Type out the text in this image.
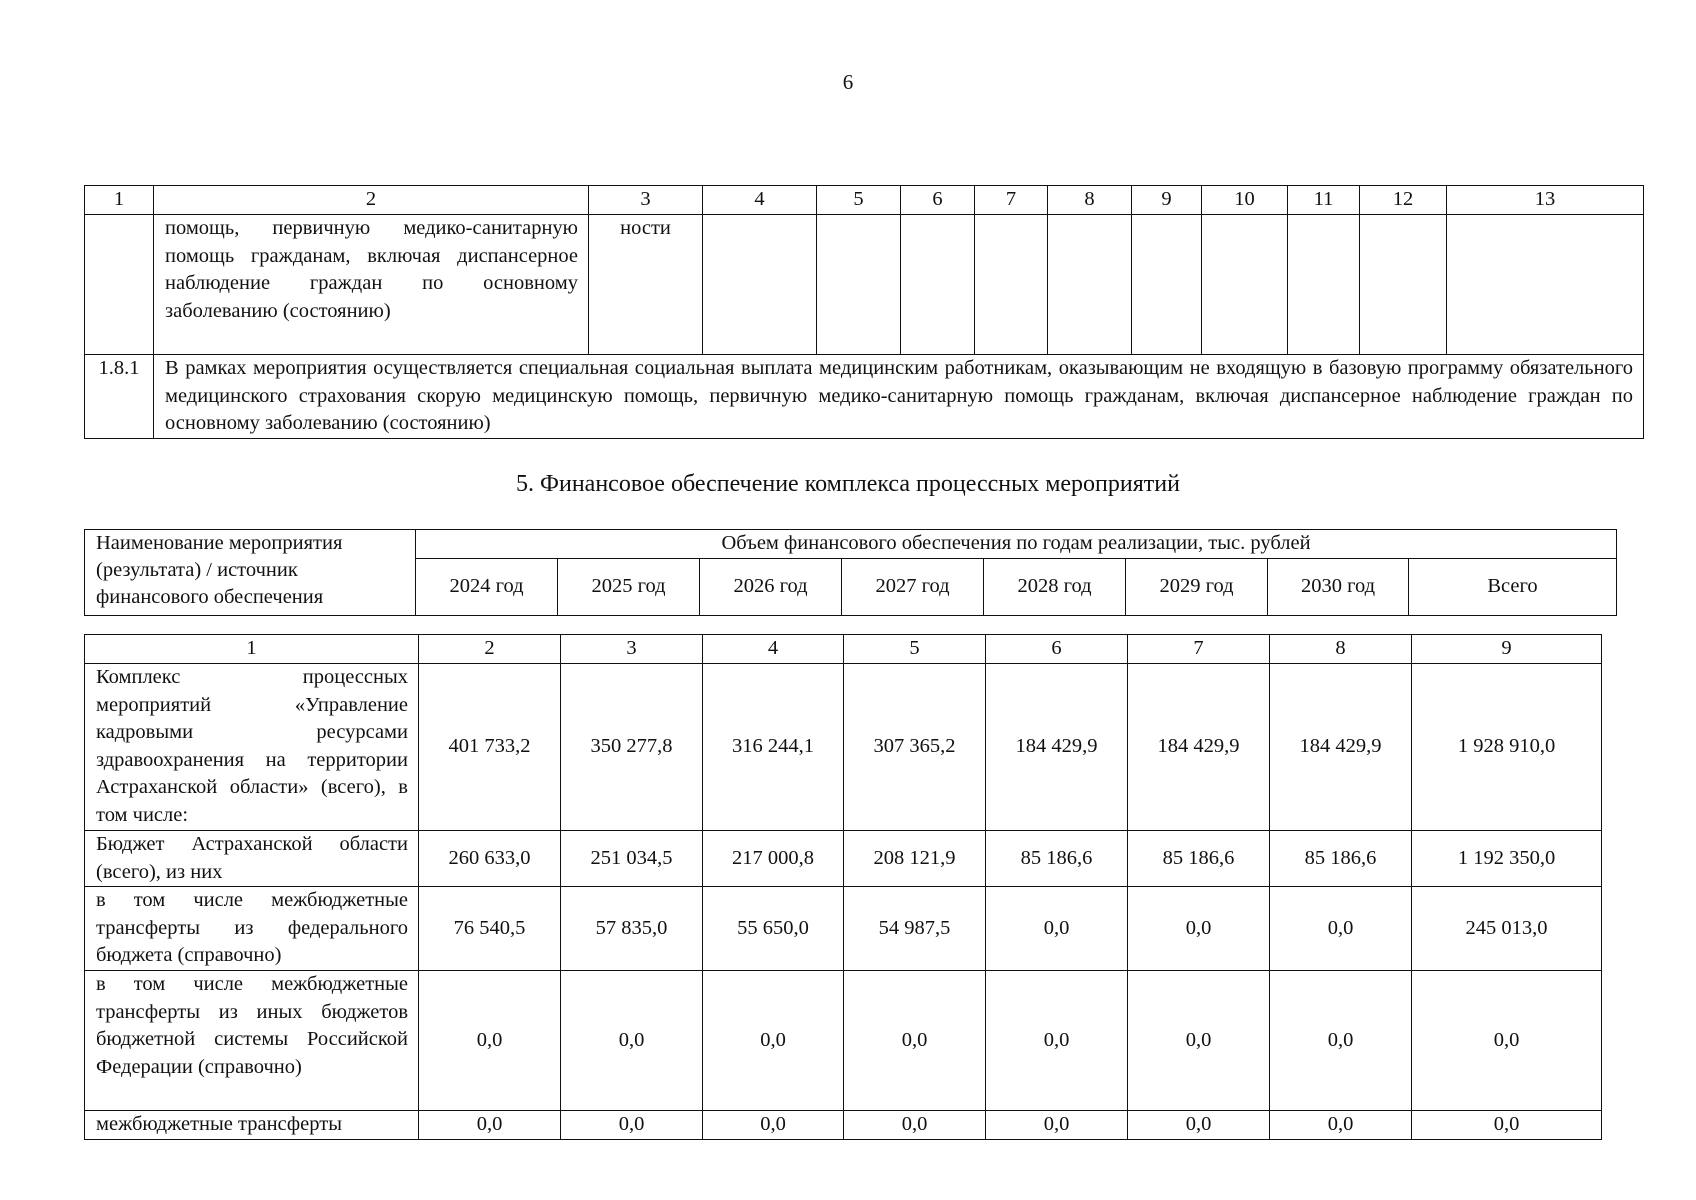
6
1	2	3	4	5	6	7	8	9	10	11	12	13
	помощь, первичную медико-санитарную помощь гражданам, включая диспансерное наблюдение граждан по основному заболеванию (состоянию)	ности										
1.8.1	В рамках мероприятия осуществляется специальная социальная выплата медицинским работникам, оказывающим не входящую в базовую программу обязательного медицинского страхования скорую медицинскую помощь, первичную медико-санитарную помощь гражданам, включая диспансерное наблюдение граждан по основному заболеванию (состоянию)											
5. Финансовое обеспечение комплекса процессных мероприятий
Наименование мероприятия (результата) / источник финансового обеспечения	Объем финансового обеспечения по годам реализации, тыс. рублей							
	2024 год	2025 год	2026 год	2027 год	2028 год	2029 год	2030 год	Всего
1	2	3	4	5	6	7	8	9
Комплекс процессных мероприятий «Управление кадровыми ресурсами здравоохранения на территории Астраханской области» (всего), в том числе:	401 733,2	350 277,8	316 244,1	307 365,2	184 429,9	184 429,9	184 429,9	1 928 910,0
Бюджет Астраханской области (всего), из них	260 633,0	251 034,5	217 000,8	208 121,9	85 186,6	85 186,6	85 186,6	1 192 350,0
в том числе межбюджетные трансферты из федерального бюджета (справочно)	76 540,5	57 835,0	55 650,0	54 987,5	0,0	0,0	0,0	245 013,0
в том числе межбюджетные трансферты из иных бюджетов бюджетной системы Российской Федерации (справочно)	0,0	0,0	0,0	0,0	0,0	0,0	0,0	0,0
межбюджетные трансферты	0,0	0,0	0,0	0,0	0,0	0,0	0,0	0,0
